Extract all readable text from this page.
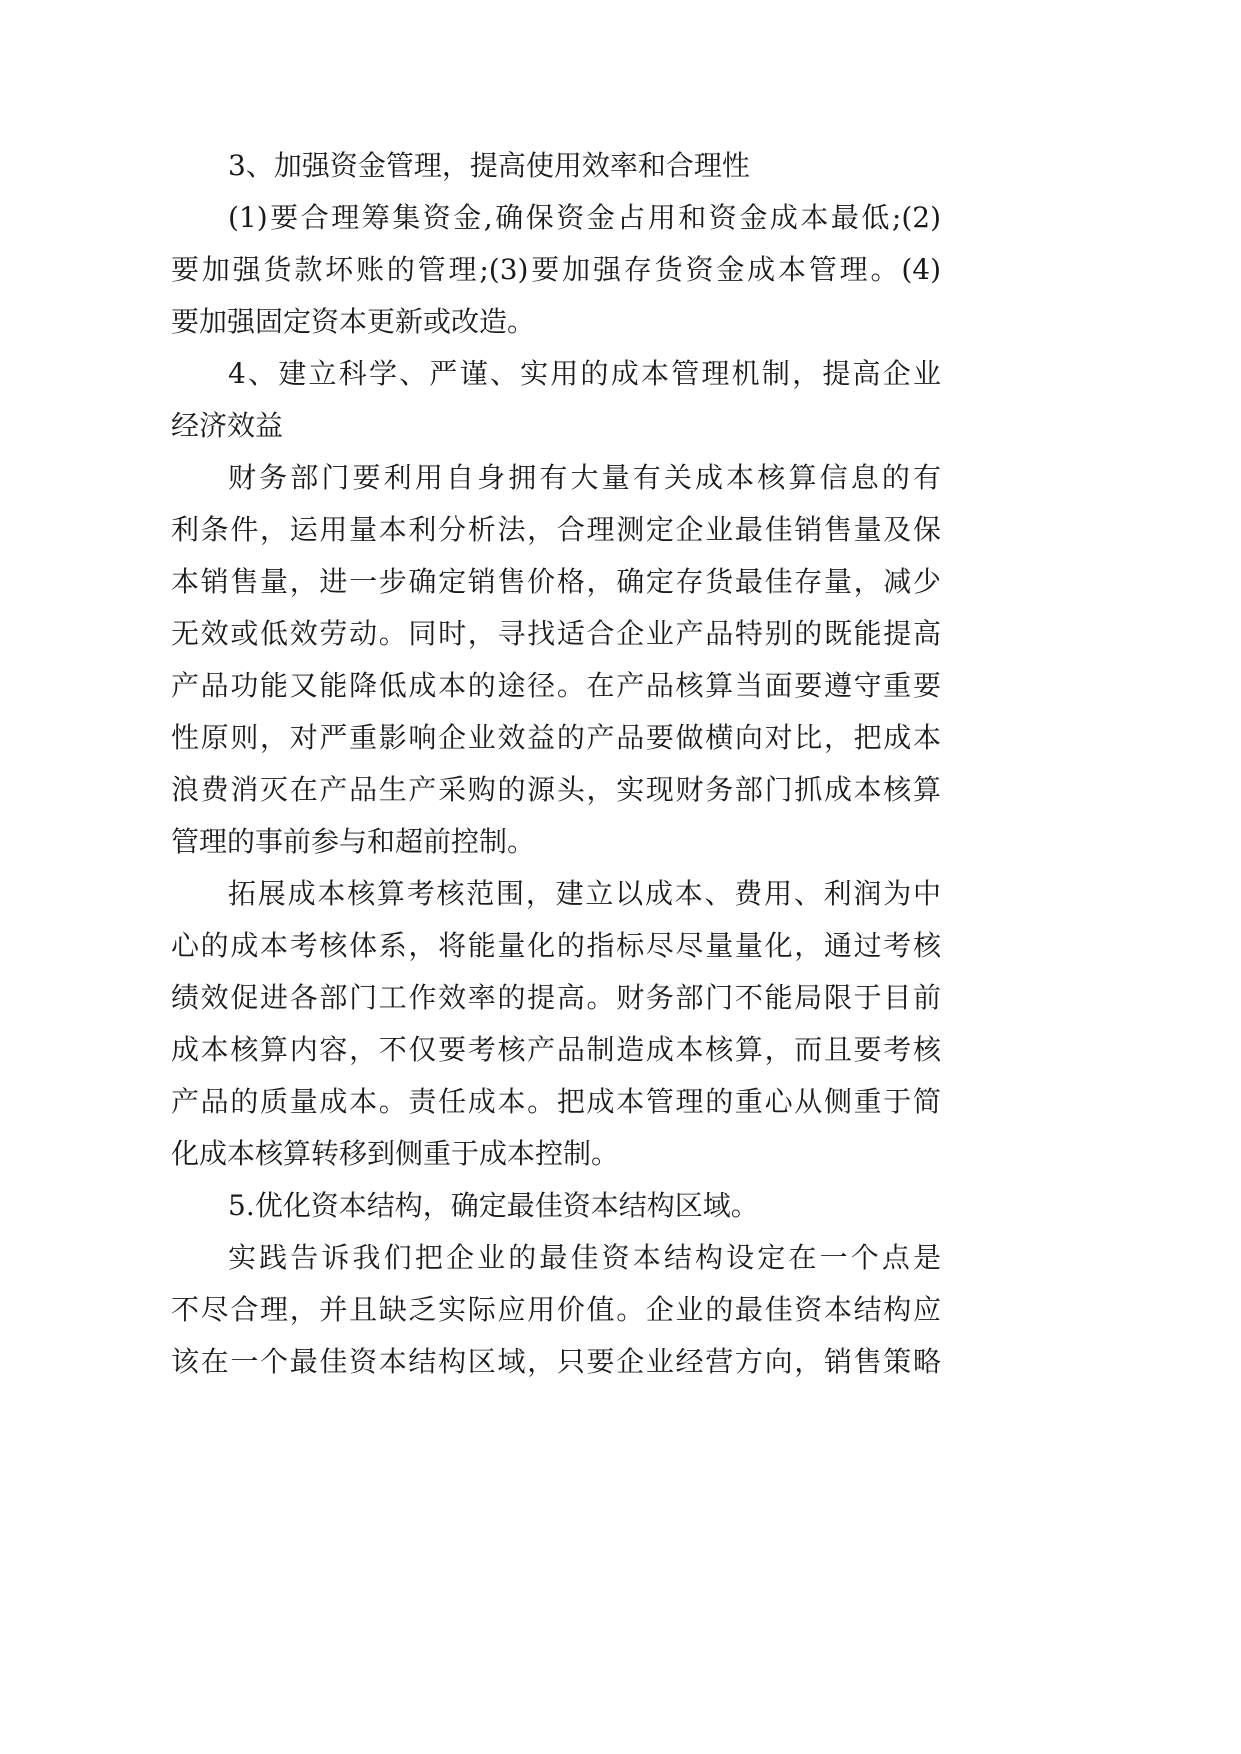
3、加强资金管理，提高使用效率和合理性

(1)要合理筹集资金,确保资金占用和资金成本最低;(2)

要加强货款坏账的管理;(3)要加强存货资金成本管理。(4)

要加强固定资本更新或改造。

4、建立科学、严谨、实用的成本管理机制，提高企业

经济效益

财务部门要利用自身拥有大量有关成本核算信息的有

利条件，运用量本利分析法，合理测定企业最佳销售量及保

本销售量，进一步确定销售价格，确定存货最佳存量，减少

无效或低效劳动。同时，寻找适合企业产品特别的既能提高

产品功能又能降低成本的途径。在产品核算当面要遵守重要

性原则，对严重影响企业效益的产品要做横向对比，把成本

浪费消灭在产品生产采购的源头，实现财务部门抓成本核算

管理的事前参与和超前控制。

拓展成本核算考核范围，建立以成本、费用、利润为中

心的成本考核体系，将能量化的指标尽尽量量化，通过考核

绩效促进各部门工作效率的提高。财务部门不能局限于目前

成本核算内容，不仅要考核产品制造成本核算，而且要考核

产品的质量成本。责任成本。把成本管理的重心从侧重于简

化成本核算转移到侧重于成本控制。

5.优化资本结构，确定最佳资本结构区域。

实践告诉我们把企业的最佳资本结构设定在一个点是

不尽合理，并且缺乏实际应用价值。企业的最佳资本结构应

该在一个最佳资本结构区域，只要企业经营方向，销售策略
